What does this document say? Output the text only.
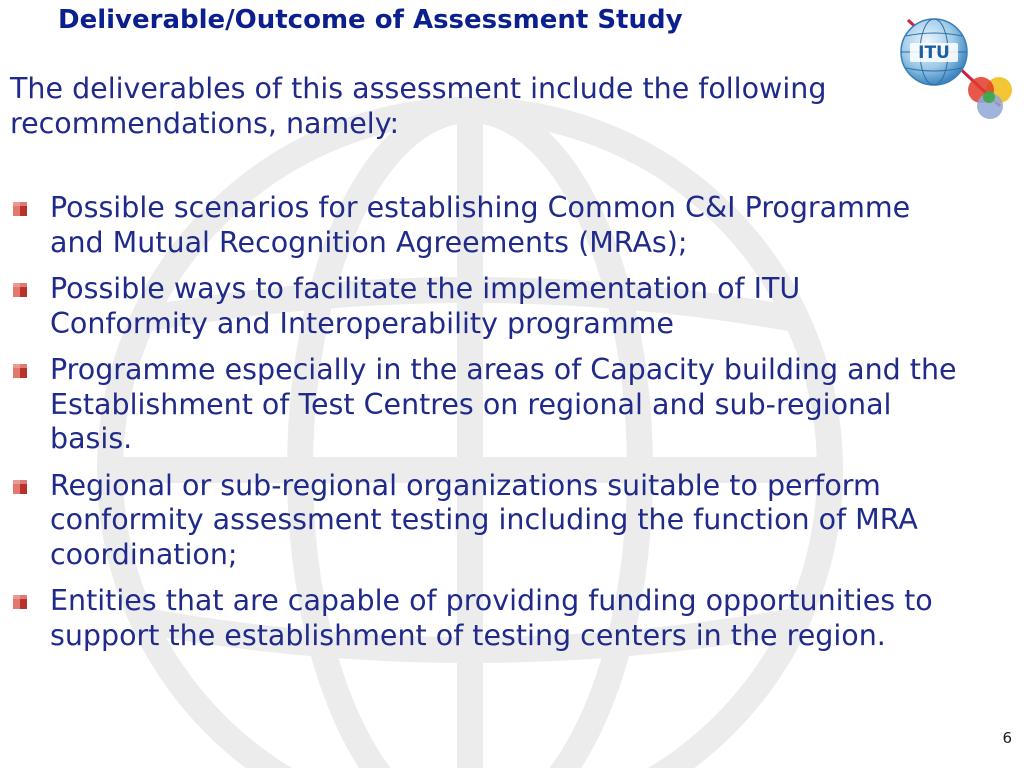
Deliverable/Outcome of Assessment Study
ITU

The deliverables of this assessment include the following recommendations, namely:

Possible scenarios for establishing Common C&I Programme and Mutual Recognition Agreements (MRAs);
Possible ways to facilitate the implementation of ITU Conformity and Interoperability programme
Programme especially in the areas of Capacity building and the Establishment of Test Centres on regional and sub-regional basis.
Regional or sub-regional organizations suitable to perform conformity assessment testing including the function of MRA coordination;
Entities that are capable of providing funding opportunities to support the establishment of testing centers in the region.
6
